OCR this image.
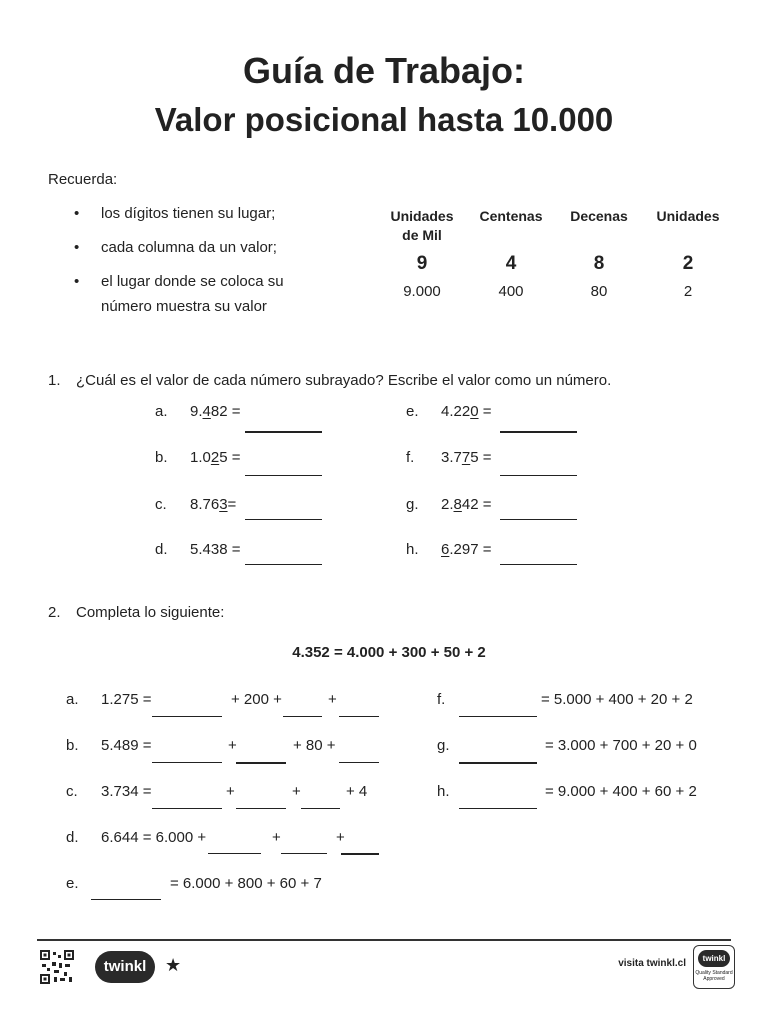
Guía de Trabajo:
Valor posicional hasta 10.000
Recuerda:
• los dígitos tienen su lugar;
• cada columna da un valor;
• el lugar donde se coloca su
número muestra su valor
Unidades
de Mil
Centenas	Decenas	Unidades
9	4	8	2
9.000	400	80	2
1. ¿Cuál es el valor de cada número subrayado? Escribe el valor como un número.
a. 9.482 =
b. 1.025 =
c. 8.763=
d. 5.438 =
e. 4.220 =
f. 3.775 =
g. 2.842 =
h. 6.297 =
2. Completa lo siguiente:
4.352 = 4.000 + 300 + 50 + 2
a. 1.275 =	+ 200 +	+
b. 5.489 =	+	+ 80 +
c. 3.734 =	+	+	+ 4
d. 6.644 = 6.000 +	+	+
e.	= 6.000 + 800 + 60 + 7
f.	= 5.000 + 400 + 20 + 2
g.	= 3.000 + 700 + 20 + 0
h.	= 9.000 + 400 + 60 + 2
twinkl	★	visita twinkl.cl	twinkl
Quality Standard
Approved
